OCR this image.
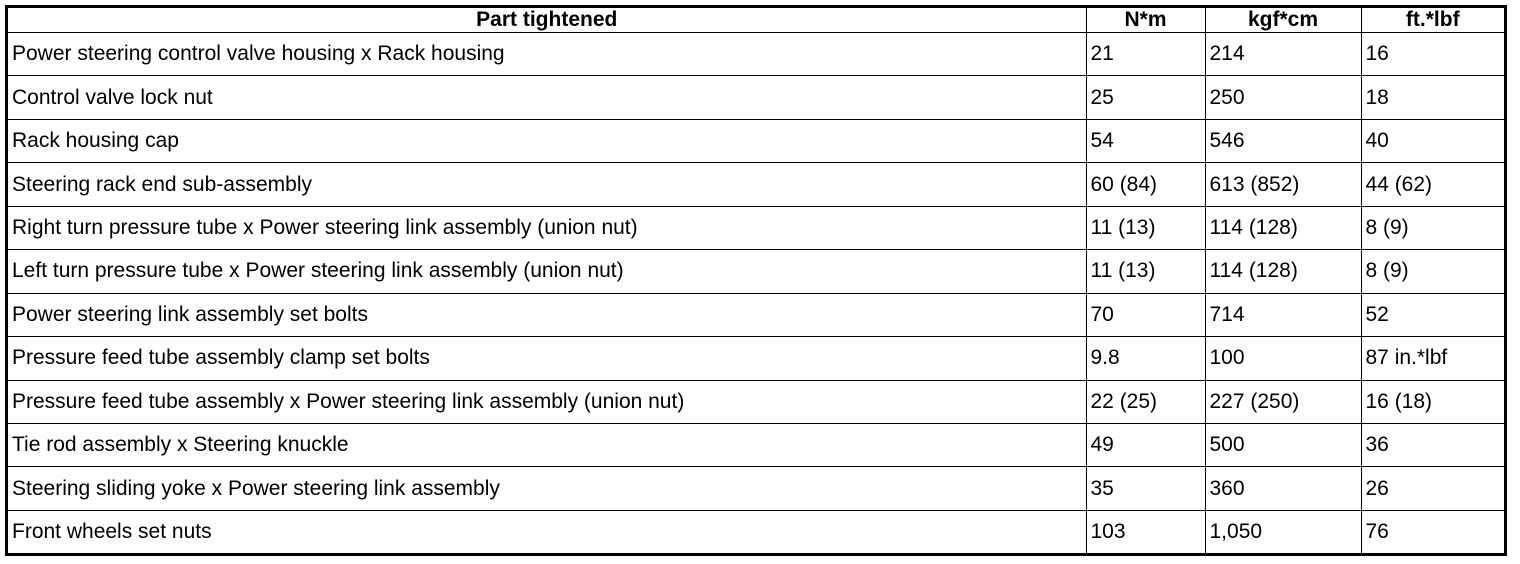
Part tightened	N*m	kgf*cm	ft.*lbf
Power steering control valve housing x Rack housing	21	214	16
Control valve lock nut	25	250	18
Rack housing cap	54	546	40
Steering rack end sub-assembly	60 (84)	613 (852)	44 (62)
Right turn pressure tube x Power steering link assembly (union nut)	11 (13)	114 (128)	8 (9)
Left turn pressure tube x Power steering link assembly (union nut)	11 (13)	114 (128)	8 (9)
Power steering link assembly set bolts	70	714	52
Pressure feed tube assembly clamp set bolts	9.8	100	87 in.*lbf
Pressure feed tube assembly x Power steering link assembly (union nut)	22 (25)	227 (250)	16 (18)
Tie rod assembly x Steering knuckle	49	500	36
Steering sliding yoke x Power steering link assembly	35	360	26
Front wheels set nuts	103	1,050	76
